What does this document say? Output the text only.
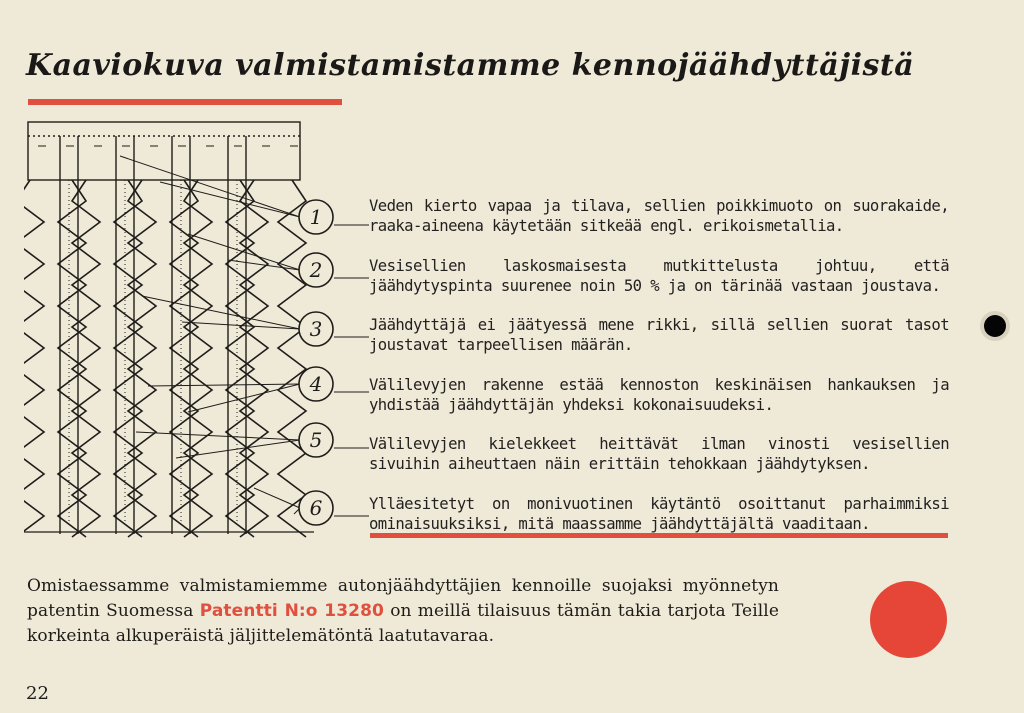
Kaaviokuva valmistamistamme kennojäähdyttäjistä
1
2
3
4
5
6

Veden kierto vapaa ja tilava, sellien poikkimuoto on suorakaide, raaka-aineena käytetään sitkeää engl. erikoismetallia.

Vesisellien laskosmaisesta mutkittelusta johtuu, että jäähdytyspinta suurenee noin 50 % ja on tärinää vastaan joustava.

Jäähdyttäjä ei jäätyessä mene rikki, sillä sellien suorat tasot joustavat tarpeellisen määrän.

Välilevyjen rakenne estää kennoston keskinäisen hankauksen ja yhdistää jäähdyttäjän yhdeksi kokonaisuudeksi.

Välilevyjen kielekkeet heittävät ilman vinosti vesisellien sivuihin aiheuttaen näin erittäin tehokkaan jäähdytyksen.

Ylläesitetyt on monivuotinen käytäntö osoittanut parhaimmiksi ominaisuuksiksi, mitä maassamme jäähdyttäjältä vaaditaan.

Omistaessamme valmistamiemme autonjäähdyttäjien kennoille suojaksi myönnetyn patentin Suomessa Patentti N:o 13280 on meillä tilaisuus tämän takia tarjota Teille korkeinta alkuperäistä jäljittelemätöntä laatutavaraa.

22
